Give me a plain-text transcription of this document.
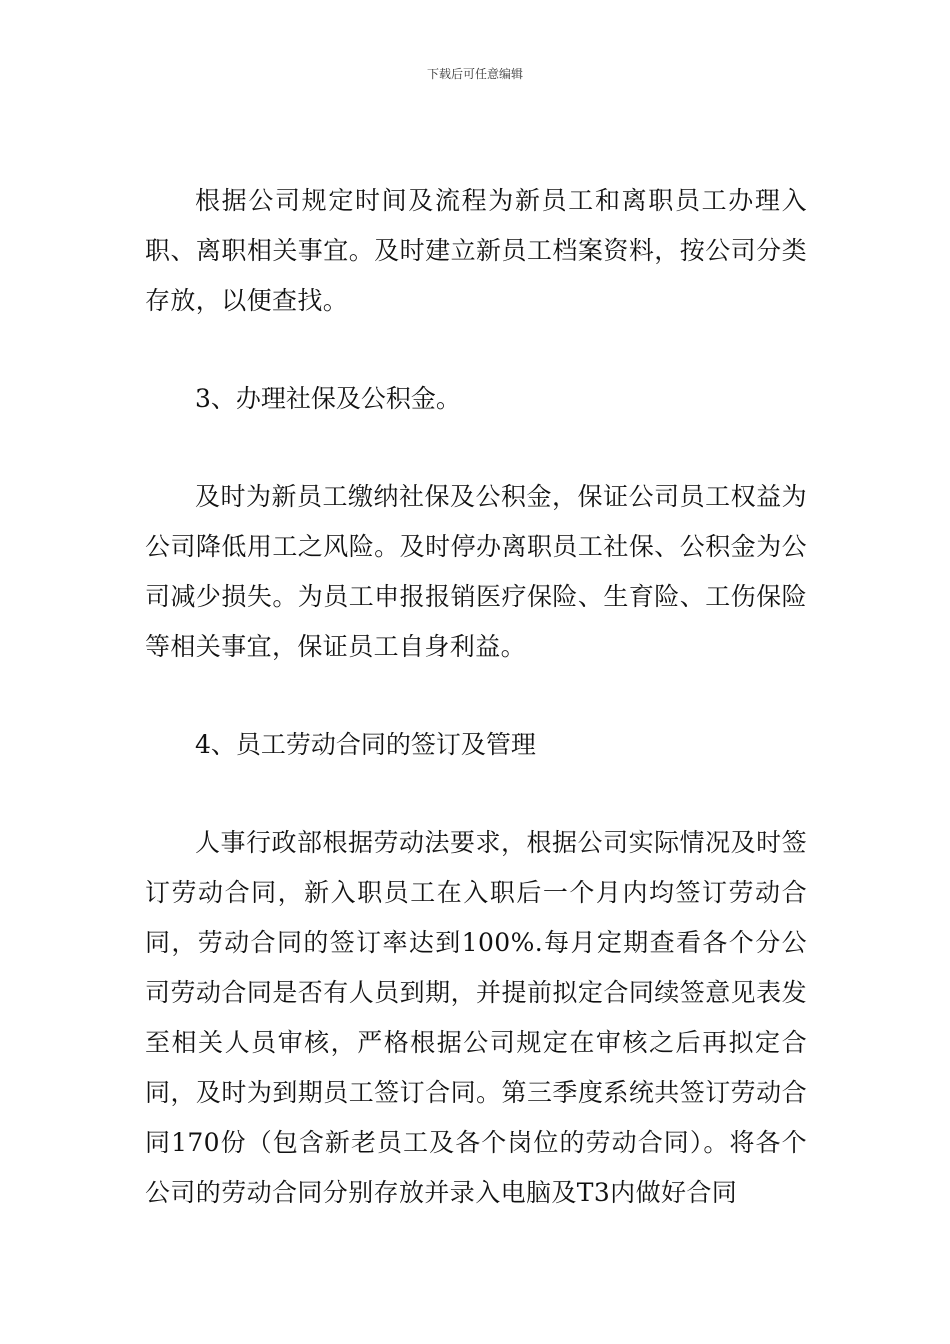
下载后可任意编辑

根据公司规定时间及流程为新员工和离职员工办理入职、离职相关事宜。及时建立新员工档案资料，按公司分类存放，以便查找。

3、办理社保及公积金。

及时为新员工缴纳社保及公积金，保证公司员工权益为公司降低用工之风险。及时停办离职员工社保、公积金为公司减少损失。为员工申报报销医疗保险、生育险、工伤保险等相关事宜，保证员工自身利益。

4、员工劳动合同的签订及管理

人事行政部根据劳动法要求，根据公司实际情况及时签订劳动合同，新入职员工在入职后一个月内均签订劳动合同，劳动合同的签订率达到100%.每月定期查看各个分公司劳动合同是否有人员到期，并提前拟定合同续签意见表发至相关人员审核，严格根据公司规定在审核之后再拟定合同，及时为到期员工签订合同。第三季度系统共签订劳动合同170份（包含新老员工及各个岗位的劳动合同）。将各个公司的劳动合同分别存放并录入电脑及T3内做好合同
